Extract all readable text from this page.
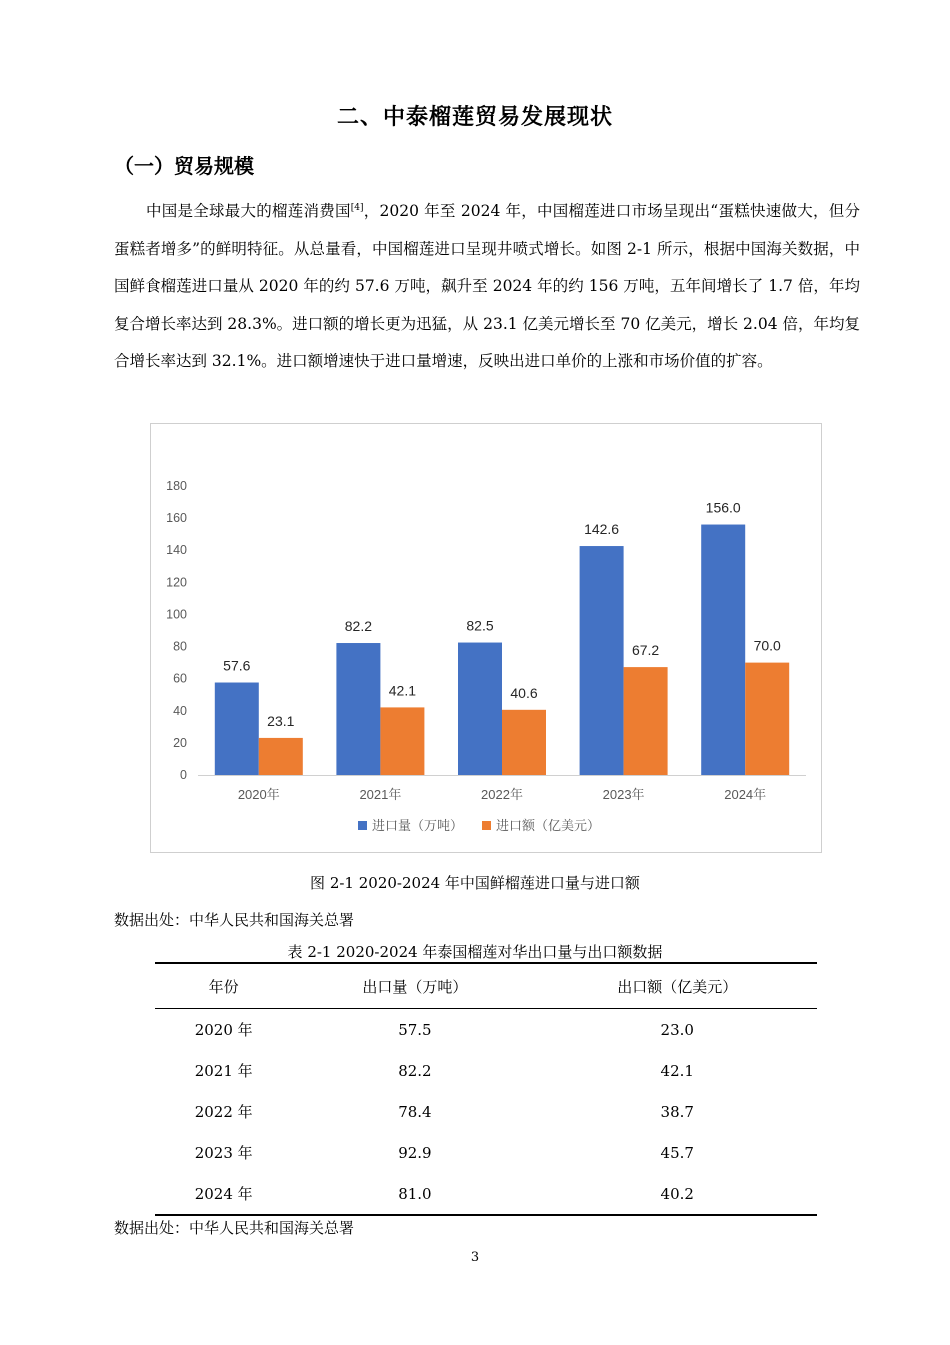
二、中泰榴莲贸易发展现状
（一）贸易规模
中国是全球最大的榴莲消费国[4]，2020 年至 2024 年，中国榴莲进口市场呈现出“蛋糕快速做大，但分蛋糕者增多”的鲜明特征。从总量看，中国榴莲进口呈现井喷式增长。如图 2-1 所示，根据中国海关数据，中国鲜食榴莲进口量从 2020 年的约 57.6 万吨，飙升至 2024 年的约 156 万吨，五年间增长了 1.7 倍，年均复合增长率达到 28.3%。进口额的增长更为迅猛，从 23.1 亿美元增长至 70 亿美元，增长 2.04 倍，年均复合增长率达到 32.1%。进口额增速快于进口量增速，反映出进口单价的上涨和市场价值的扩容。
0
20
40
60
80
100
120
140
160
180
57.6
23.1
2020年
82.2
42.1
2021年
82.5
40.6
2022年
142.6
67.2
2023年
156.0
70.0
2024年
进口量（万吨）	进口额（亿美元）
图 2-1 2020-2024 年中国鲜榴莲进口量与进口额
数据出处：中华人民共和国海关总署
表 2-1 2020-2024 年泰国榴莲对华出口量与出口额数据
年份	出口量（万吨）	出口额（亿美元）
2020 年	57.5	23.0
2021 年	82.2	42.1
2022 年	78.4	38.7
2023 年	92.9	45.7
2024 年	81.0	40.2
数据出处：中华人民共和国海关总署
3
